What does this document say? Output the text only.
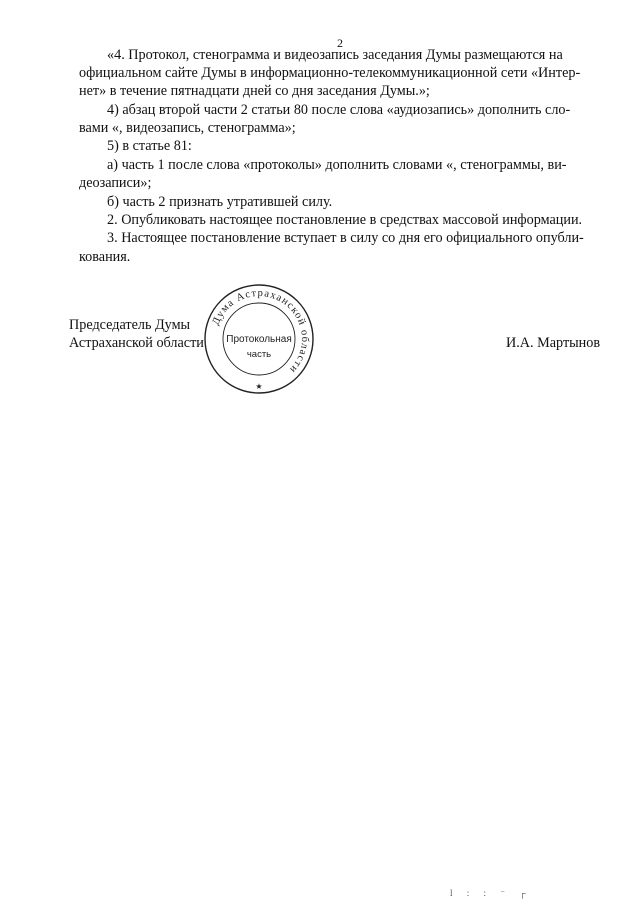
2
«4. Протокол, стенограмма и видеозапись заседания Думы размещаются на
официальном сайте Думы в информационно-телекоммуникационной сети «Интер-
нет» в течение пятнадцати дней со дня заседания Думы.»;
4) абзац второй части 2 статьи 80 после слова «аудиозапись» дополнить сло-
вами «, видеозапись, стенограмма»;
5) в статье 81:
а) часть 1 после слова «протоколы» дополнить словами «, стенограммы, ви-
деозаписи»;
б) часть 2 признать утратившей силу.
2. Опубликовать настоящее постановление в средствах массовой информации.
3. Настоящее постановление вступает в силу со дня его официального опубли-
кования.
Председатель Думы
Астраханской области	И.А. Мартынов
Дума Астраханской области
Протокольная
часть
★
l : : ⁻ ┌
